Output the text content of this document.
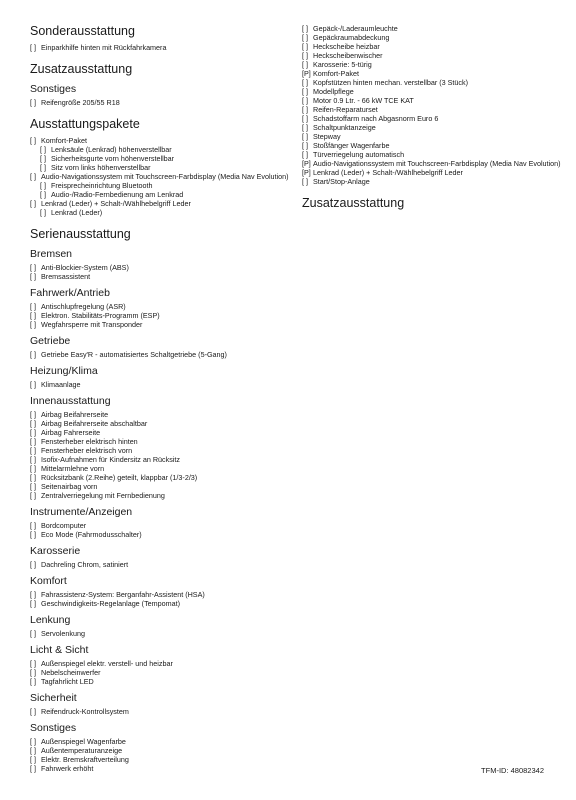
Sonderausstattung
[ ] Einparkhilfe hinten mit Rückfahrkamera
Zusatzausstattung
Sonstiges
[ ] Reifengröße 205/55 R18
Ausstattungspakete
[ ] Komfort-Paket
[ ] Lenksäule (Lenkrad) höhenverstellbar
[ ] Sicherheitsgurte vorn höhenverstellbar
[ ] Sitz vorn links höhenverstellbar
[ ] Audio-Navigationssystem mit Touchscreen-Farbdisplay (Media Nav Evolution)
[ ] Freisprecheinrichtung Bluetooth
[ ] Audio-/Radio-Fernbedienung am Lenkrad
[ ] Lenkrad (Leder) + Schalt-/Wählhebelgriff Leder
[ ] Lenkrad (Leder)
Serienausstattung
Bremsen
[ ] Anti-Blockier-System (ABS)
[ ] Bremsassistent
Fahrwerk/Antrieb
[ ] Antischlupfregelung (ASR)
[ ] Elektron. Stabilitäts-Programm (ESP)
[ ] Wegfahrsperre mit Transponder
Getriebe
[ ] Getriebe Easy'R - automatisiertes Schaltgetriebe (5-Gang)
Heizung/Klima
[ ] Klimaanlage
Innenausstattung
[ ] Airbag Beifahrerseite
[ ] Airbag Beifahrerseite abschaltbar
[ ] Airbag Fahrerseite
[ ] Fensterheber elektrisch hinten
[ ] Fensterheber elektrisch vorn
[ ] Isofix-Aufnahmen für Kindersitz an Rücksitz
[ ] Mittelarmlehne vorn
[ ] Rücksitzbank (2.Reihe) geteilt, klappbar (1/3-2/3)
[ ] Seitenairbag vorn
[ ] Zentralverriegelung mit Fernbedienung
Instrumente/Anzeigen
[ ] Bordcomputer
[ ] Eco Mode (Fahrmodusschalter)
Karosserie
[ ] Dachreling Chrom, satiniert
Komfort
[ ] Fahrassistenz-System: Berganfahr-Assistent (HSA)
[ ] Geschwindigkeits-Regelanlage (Tempomat)
Lenkung
[ ] Servolenkung
Licht & Sicht
[ ] Außenspiegel elektr. verstell- und heizbar
[ ] Nebelscheinwerfer
[ ] Tagfahrlicht LED
Sicherheit
[ ] Reifendruck-Kontrollsystem
Sonstiges
[ ] Außenspiegel Wagenfarbe
[ ] Außentemperaturanzeige
[ ] Elektr. Bremskraftverteilung
[ ] Fahrwerk erhöht
[ ] Gepäck-/Laderaumleuchte
[ ] Gepäckraumabdeckung
[ ] Heckscheibe heizbar
[ ] Heckscheibenwischer
[ ] Karosserie: 5-türig
[P] Komfort-Paket
[ ] Kopfstützen hinten mechan. verstellbar (3 Stück)
[ ] Modellpflege
[ ] Motor 0.9 Ltr. - 66 kW TCE KAT
[ ] Reifen-Reparaturset
[ ] Schadstoffarm nach Abgasnorm Euro 6
[ ] Schaltpunktanzeige
[ ] Stepway
[ ] Stoßfänger Wagenfarbe
[ ] Türverriegelung automatisch
[P] Audio-Navigationssystem mit Touchscreen-Farbdisplay (Media Nav Evolution)
[P] Lenkrad (Leder) + Schalt-/Wählhebelgriff Leder
[ ] Start/Stop-Anlage
Zusatzausstattung
TFM-ID: 48082342
